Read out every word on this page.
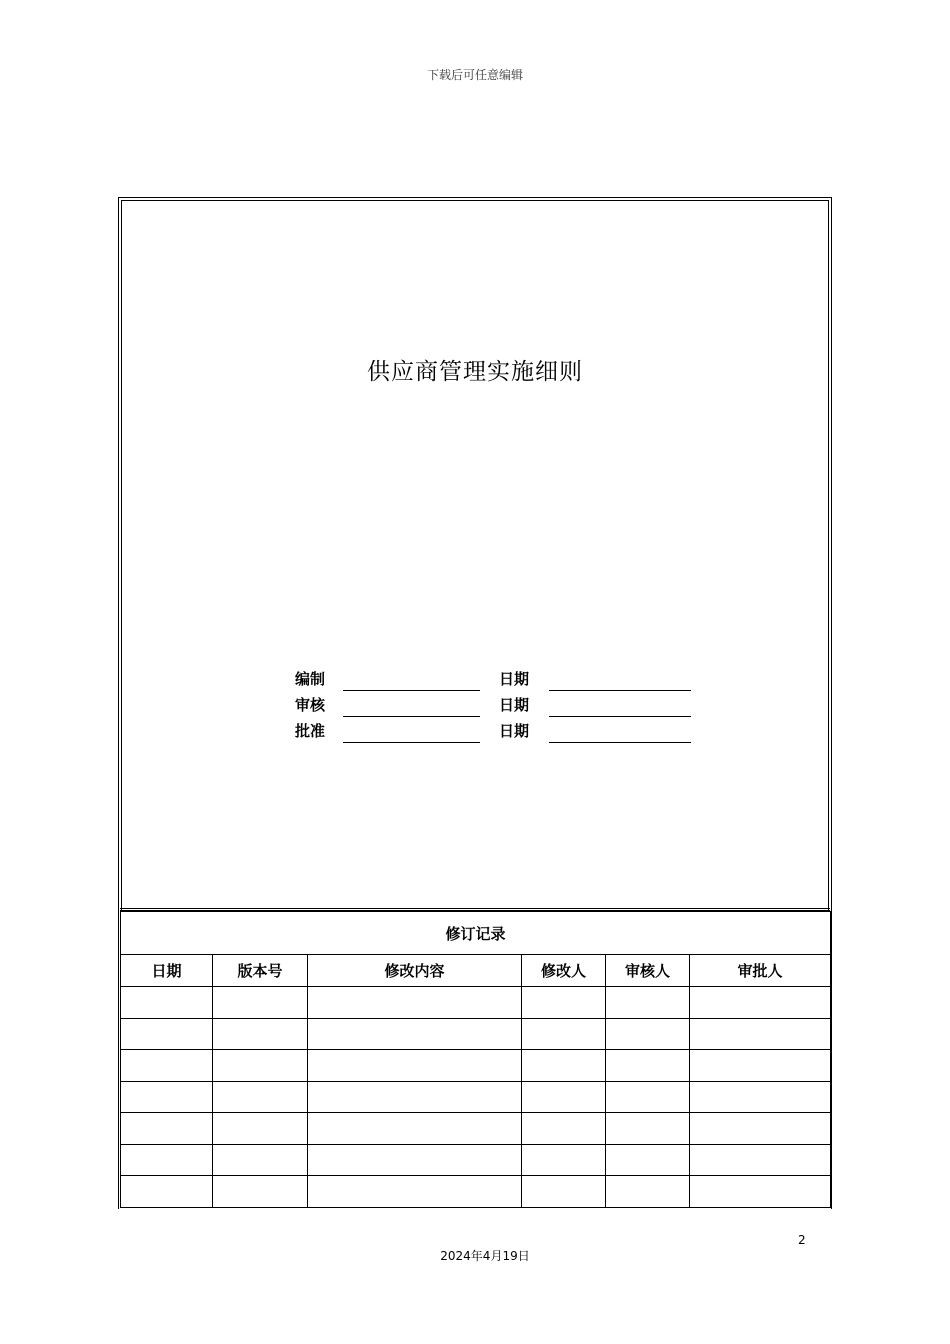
下载后可任意编辑
供应商管理实施细则
编制	日期
审核	日期
批准	日期
修订记录					
日期	版本号	修改内容	修改人	审核人	审批人

2
2024年4月19日
